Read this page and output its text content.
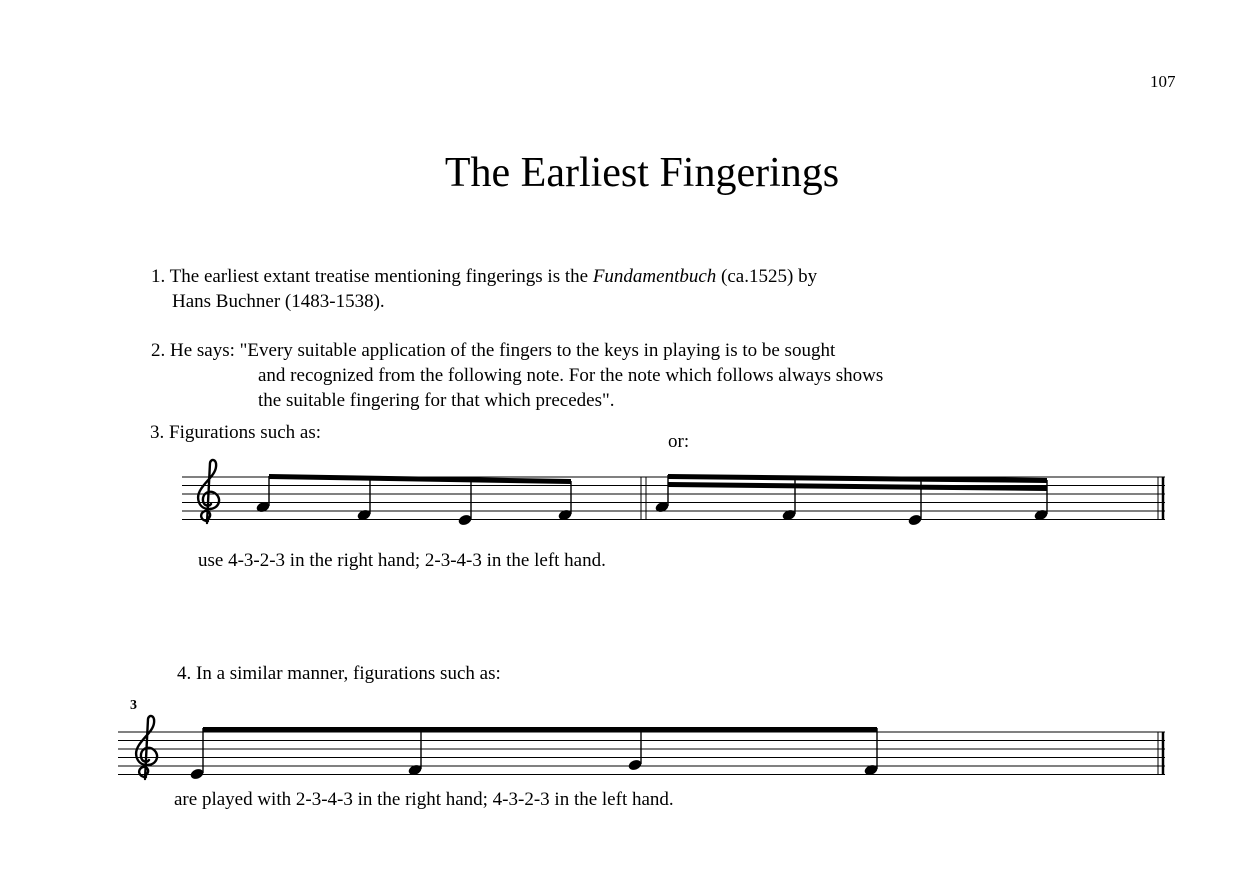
107
The Earliest Fingerings
1. The earliest extant treatise mentioning fingerings is the Fundamentbuch (ca.1525) by
Hans Buchner (1483-1538).
2. He says: "Every suitable application of the fingers to the keys in playing is to be sought
and recognized from the following note. For the note which follows always shows
the suitable fingering for that which precedes".
3. Figurations such as:	or:
use 4-3-2-3 in the right hand; 2-3-4-3 in the left hand.
4. In a similar manner, figurations such as:
3
are played with 2-3-4-3 in the right hand; 4-3-2-3 in the left hand.
